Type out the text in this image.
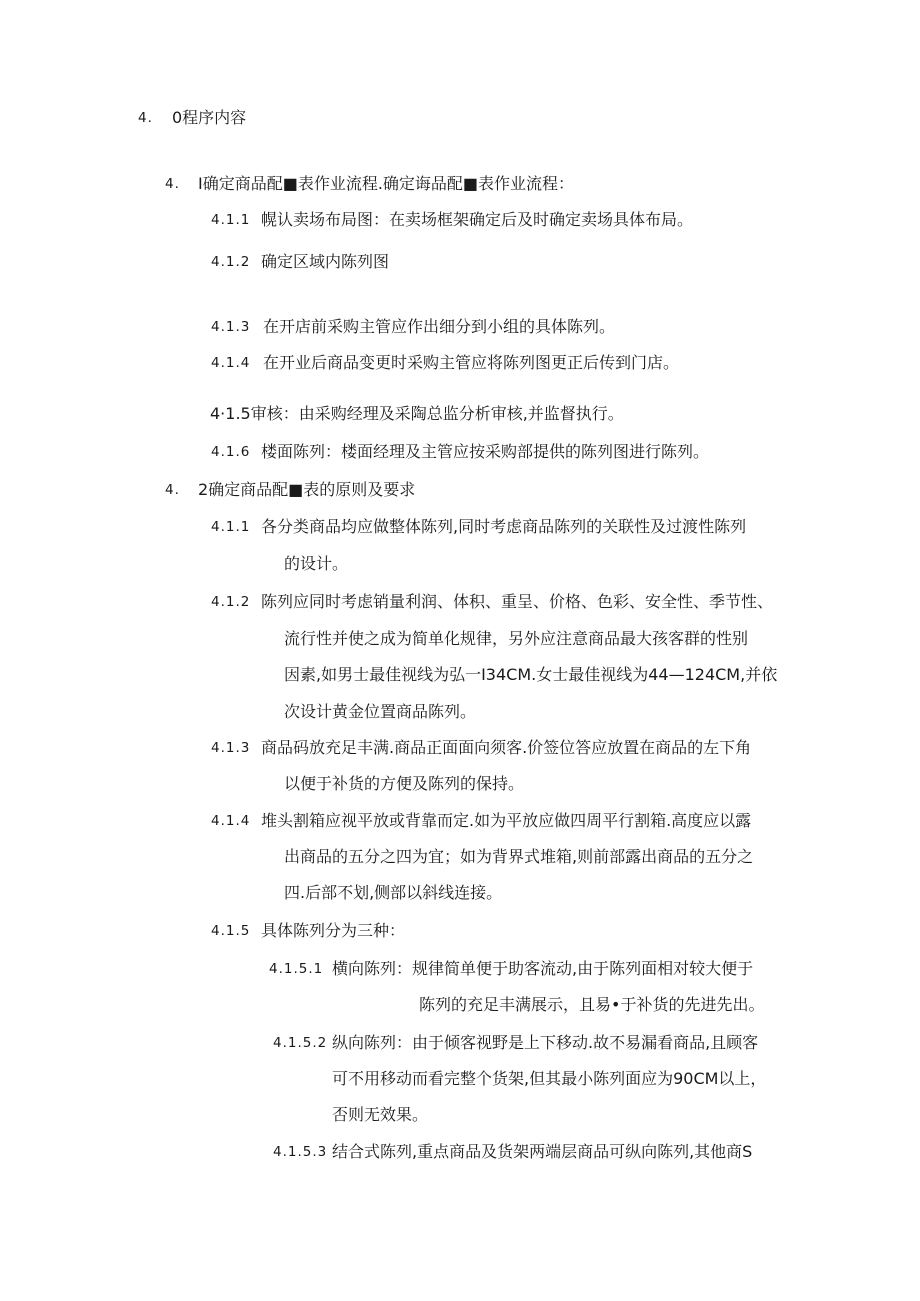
4. 0程序内容
4. I确定商品配■表作业流程.确定诲品配■表作业流程：
4.1.1 幌认卖场布局图：在卖场框架确定后及时确定卖场具体布局。
4.1.2 确定区域内陈列图
4.1.3 在开店前采购主管应作出细分到小组的具体陈列。
4.1.4 在开业后商品变更时采购主管应将陈列图更正后传到门店。
4·1.5审核：由采购经理及采陶总监分析审核,并监督执行。
4.1.6 楼面陈列：楼面经理及主管应按采购部提供的陈列图进行陈列。
4. 2确定商品配■表的原则及要求
4.1.1 各分类商品均应做整体陈列,同时考虑商品陈列的关联性及过渡性陈列
的设计。
4.1.2 陈列应同时考虑销量利润、体积、重呈、价格、色彩、安全性、季节性、
流行性并使之成为简单化规律，另外应注意商品最大孩客群的性别
因素,如男士最佳视线为弘一I34CM.女士最佳视线为44—124CM,并依
次设计黄金位置商品陈列。
4.1.3 商品码放充足丰满.商品正面面向须客.价签位答应放置在商品的左下角
以便于补货的方便及陈列的保持。
4.1.4 堆头割箱应视平放或背靠而定.如为平放应做四周平行割箱.高度应以露
出商品的五分之四为宜；如为背界式堆箱,则前部露出商品的五分之
四.后部不划,侧部以斜线连接。
4.1.5 具体陈列分为三种：
4.1.5.1 横向陈列：规律简单便于助客流动,由于陈列面相对较大便于
陈列的充足丰满展示，且易•于补货的先进先出。
4.1.5.2 纵向陈列：由于倾客视野是上下移动.故不易漏看商品,且顾客
可不用移动而看完整个货架,但其最小陈列面应为90CM以上，
否则无效果。
4.1.5.3 结合式陈列,重点商品及货架两端层商品可纵向陈列,其他商S
